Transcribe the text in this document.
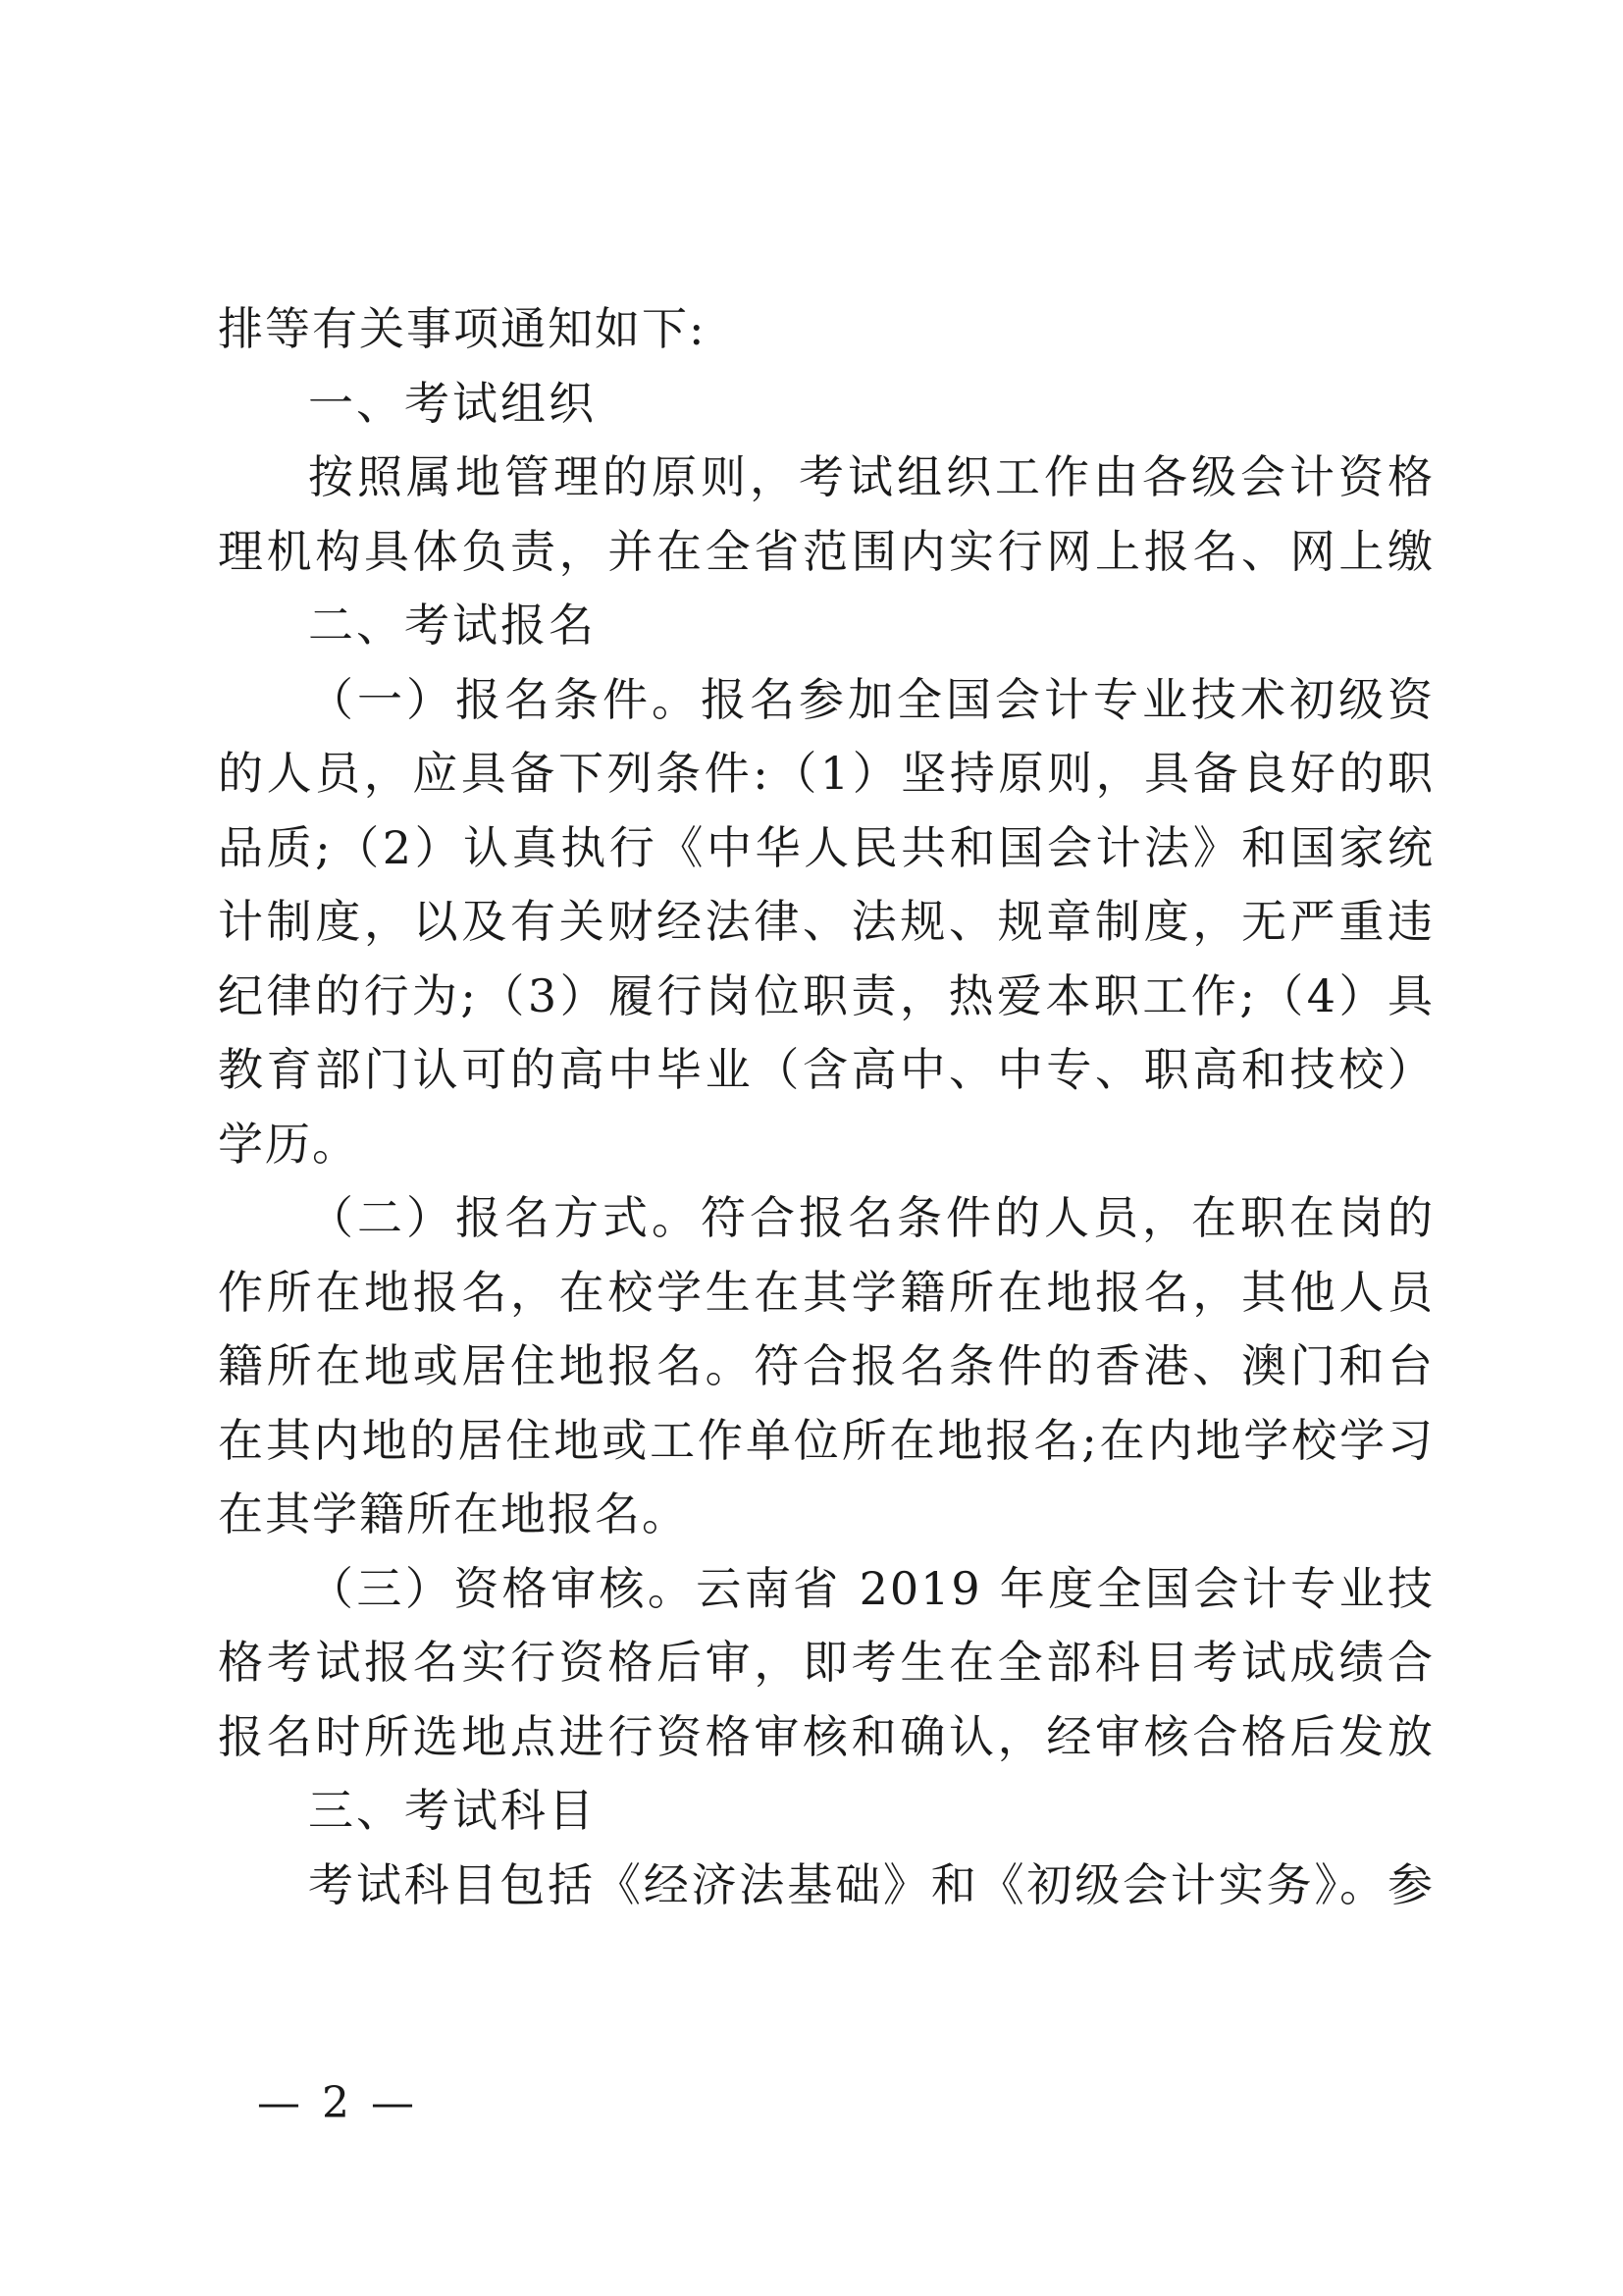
排等有关事项通知如下:
一、考试组织
按照属地管理的原则，考试组织工作由各级会计资格
理机构具体负责，并在全省范围内实行网上报名、网上缴
二、考试报名
（一）报名条件。报名参加全国会计专业技术初级资
的人员，应具备下列条件:（1）坚持原则，具备良好的职
品质;（2）认真执行《中华人民共和国会计法》和国家统
计制度，以及有关财经法律、法规、规章制度，无严重违
纪律的行为;（3）履行岗位职责，热爱本职工作;（4）具
教育部门认可的高中毕业（含高中、中专、职高和技校）
学历。
（二）报名方式。符合报名条件的人员，在职在岗的
作所在地报名，在校学生在其学籍所在地报名，其他人员
籍所在地或居住地报名。符合报名条件的香港、澳门和台
在其内地的居住地或工作单位所在地报名;在内地学校学习
在其学籍所在地报名。
（三）资格审核。云南省 2019 年度全国会计专业技
格考试报名实行资格后审，即考生在全部科目考试成绩合
报名时所选地点进行资格审核和确认，经审核合格后发放
三、考试科目
考试科目包括《经济法基础》和《初级会计实务》。参
— 2 —
